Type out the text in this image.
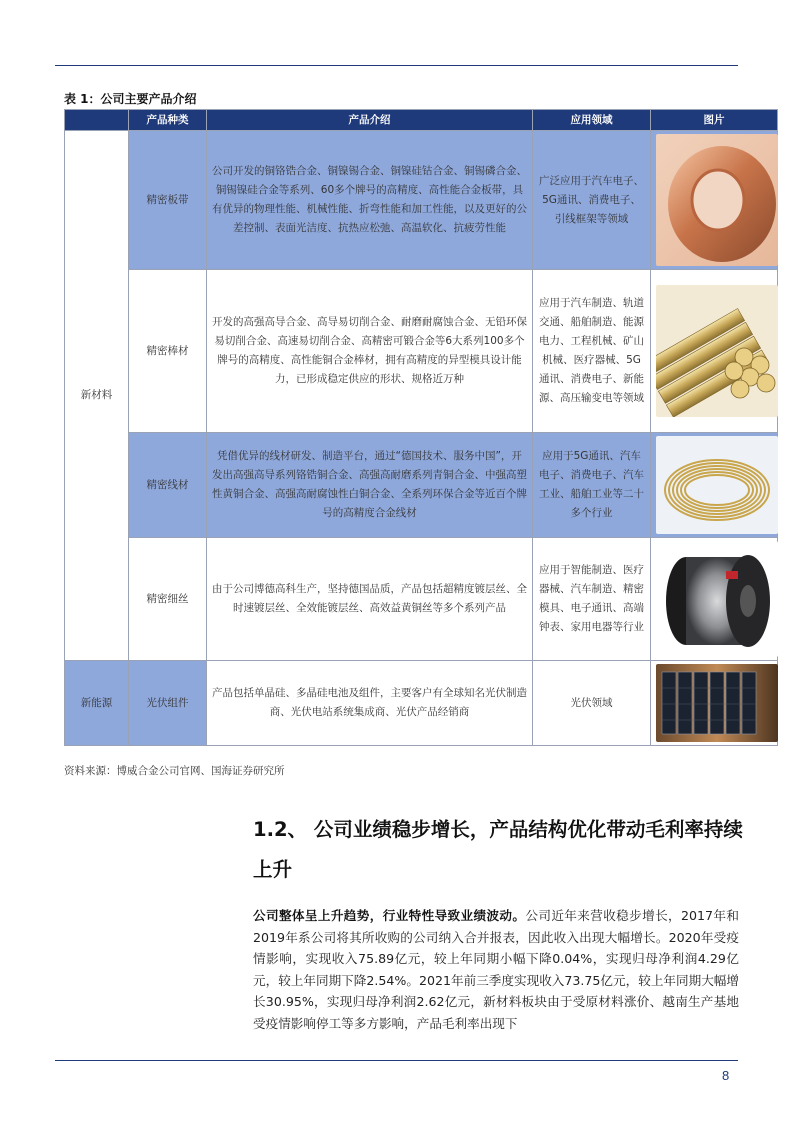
表 1：公司主要产品介绍
	产品种类	产品介绍	应用领域	图片
新材料	精密板带	公司开发的铜铬锆合金、铜镍锡合金、铜镍硅钴合金、铜锡磷合金、铜锡镍硅合金等系列、60多个牌号的高精度、高性能合金板带，具有优异的物理性能、机械性能、折弯性能和加工性能，以及更好的公差控制、表面光洁度、抗热应松弛、高温软化、抗疲劳性能	广泛应用于汽车电子、5G通讯、消费电子、引线框架等领域	

	精密棒材	开发的高强高导合金、高导易切削合金、耐磨耐腐蚀合金、无铅环保易切削合金、高速易切削合金、高精密可锻合金等6大系列100多个牌号的高精度、高性能铜合金棒材，拥有高精度的异型模具设计能力，已形成稳定供应的形状、规格近万种	应用于汽车制造、轨道交通、船舶制造、能源电力、工程机械、矿山机械、医疗器械、5G通讯、消费电子、新能源、高压输变电等领域	

	精密线材	凭借优异的线材研发、制造平台，通过“德国技术、服务中国”，开发出高强高导系列铬锆铜合金、高强高耐磨系列青铜合金、中强高塑性黄铜合金、高强高耐腐蚀性白铜合金、全系列环保合金等近百个牌号的高精度合金线材	应用于5G通讯、汽车电子、消费电子、汽车工业、船舶工业等二十多个行业	

	精密细丝	由于公司博德高科生产，坚持德国品质，产品包括超精度镀层丝、全时速镀层丝、全效能镀层丝、高效益黄铜丝等多个系列产品	应用于智能制造、医疗器械、汽车制造、精密模具、电子通讯、高端钟表、家用电器等行业	

新能源	光伏组件	产品包括单晶硅、多晶硅电池及组件，主要客户有全球知名光伏制造商、光伏电站系统集成商、光伏产品经销商	光伏领域	
资料来源：博威合金公司官网、国海证券研究所
1.2、 公司业绩稳步增长，产品结构优化带动毛利率持续上升
公司整体呈上升趋势，行业特性导致业绩波动。公司近年来营收稳步增长，2017年和2019年系公司将其所收购的公司纳入合并报表，因此收入出现大幅增长。2020年受疫情影响，实现收入75.89亿元，较上年同期小幅下降0.04%，实现归母净利润4.29亿元，较上年同期下降2.54%。2021年前三季度实现收入73.75亿元，较上年同期大幅增长30.95%，实现归母净利润2.62亿元，新材料板块由于受原材料涨价、越南生产基地受疫情影响停工等多方影响，产品毛利率出现下
8
